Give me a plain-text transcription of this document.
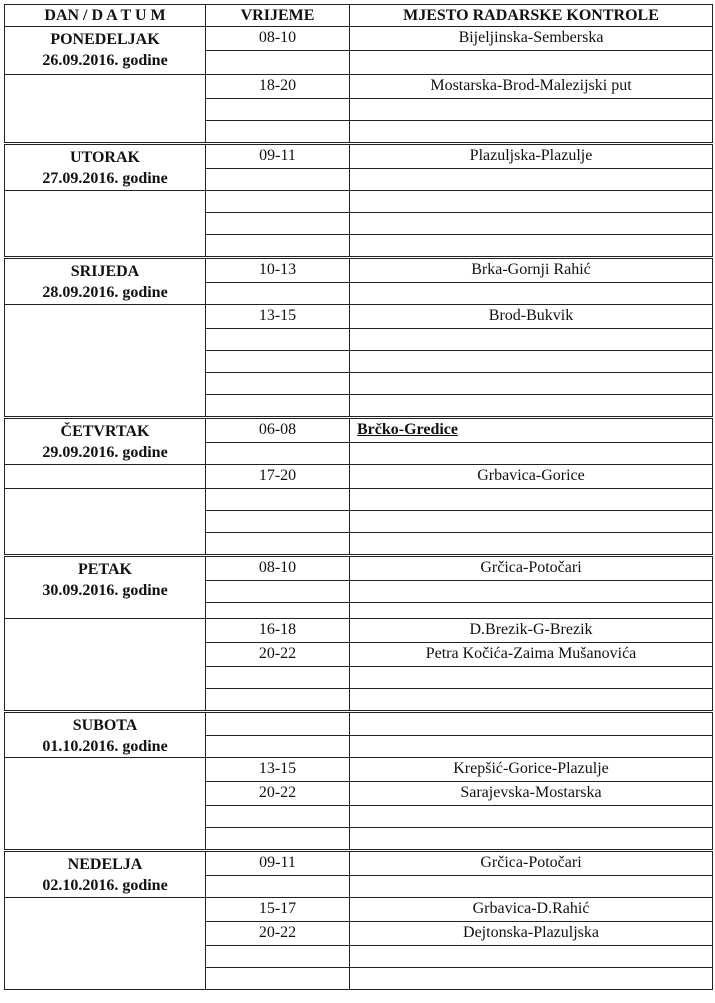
DAN / D A T U M	VRIJEME	MJESTO RADARSKE KONTROLE

PONEDELJAK
26.09.2016. godine	08-10	Bijeljinska-Semberska

	18-20	Mostarska-Brod-Malezijski put

UTORAK
27.09.2016. godine	09-11	Plazuljska-Plazulje

SRIJEDA
28.09.2016. godine	10-13	Brka-Gornji Rahić

	13-15	Brod-Bukvik

ČETVRTAK
29.09.2016. godine	06-08	Brčko-Gredice

	17-20	Grbavica-Gorice

PETAK
30.09.2016. godine	08-10	Grčica-Potočari

	16-18	D.Brezik-G-Brezik
	20-22	Petra Kočića-Zaima Mušanovića

SUBOTA
01.10.2016. godine		

	13-15	Krepšić-Gorice-Plazulje
	20-22	Sarajevska-Mostarska

NEDELJA
02.10.2016. godine	09-11	Grčica-Potočari

	15-17	Grbavica-D.Rahić
	20-22	Dejtonska-Plazuljska
